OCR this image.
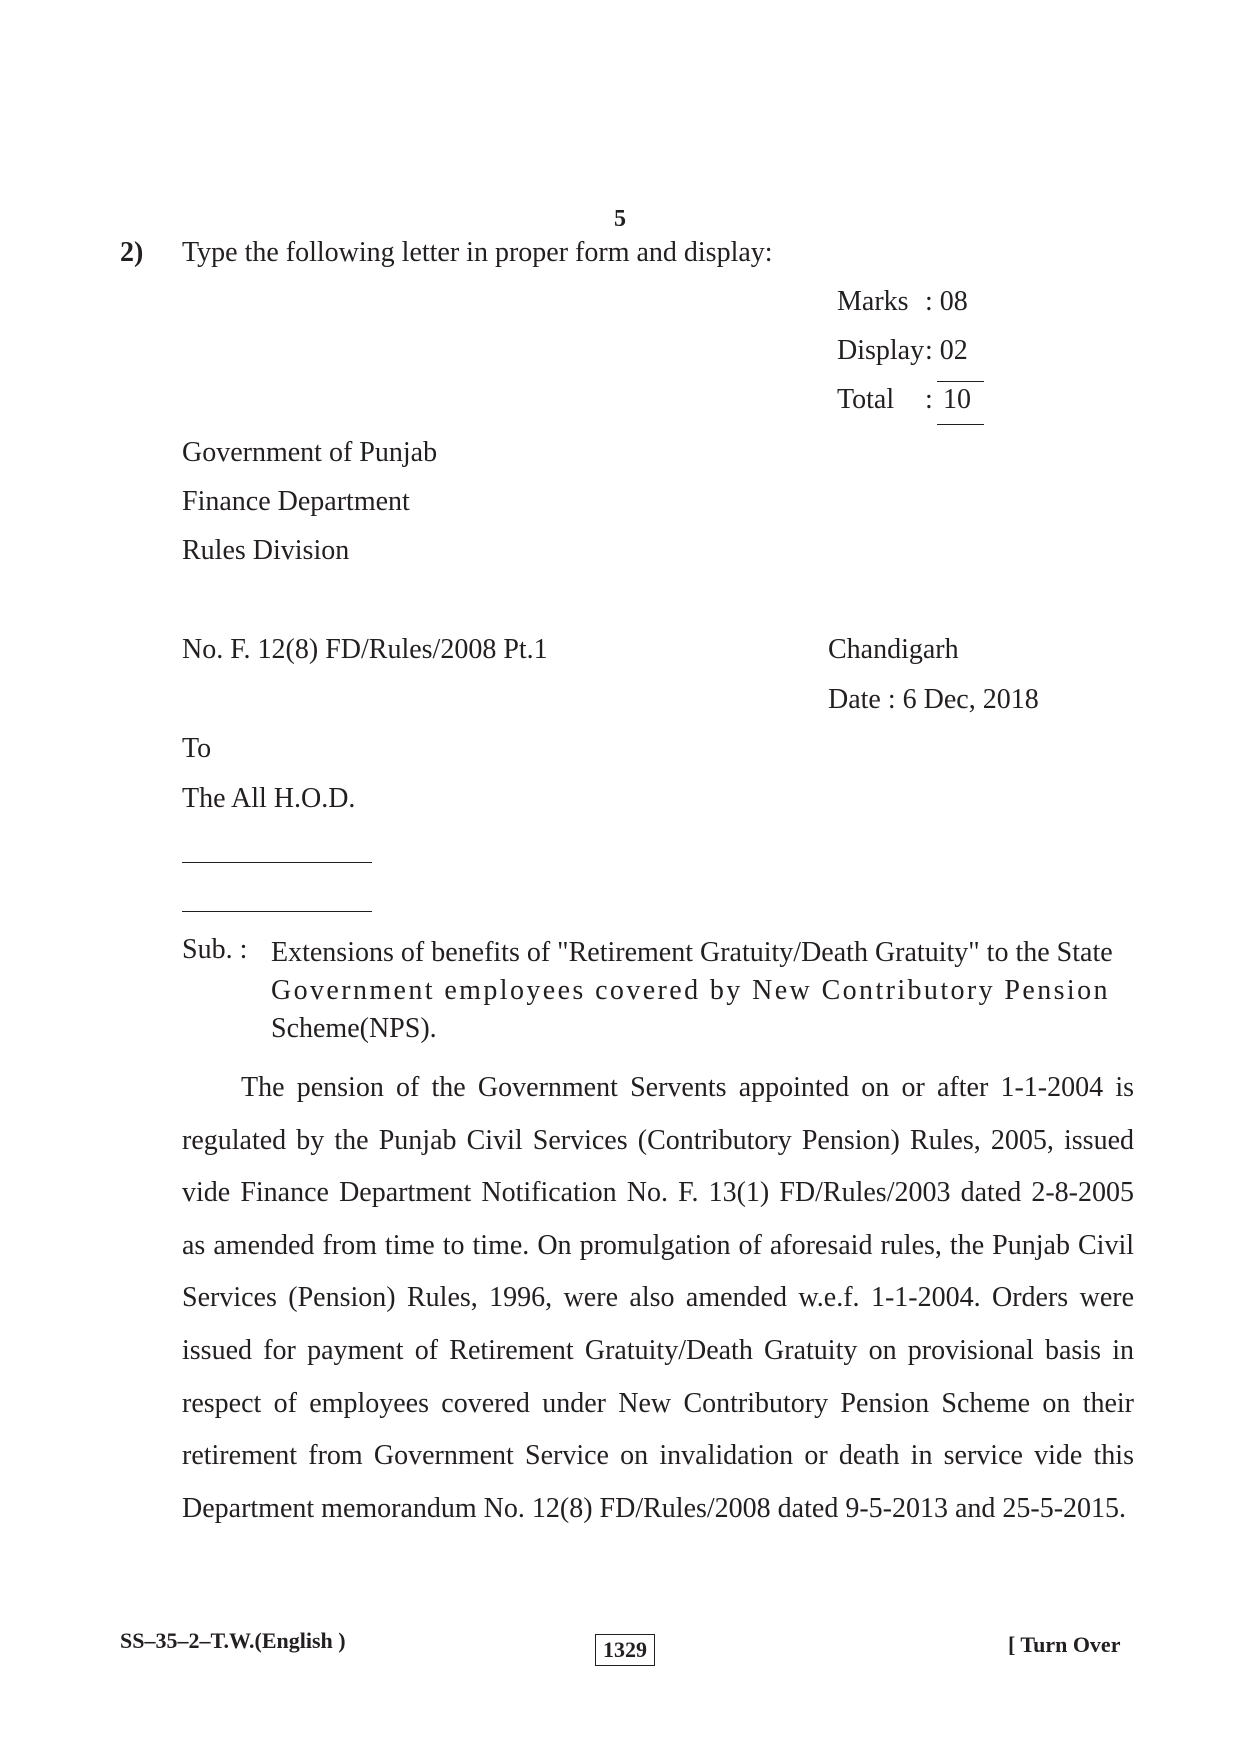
5
2) Type the following letter in proper form and display:
Marks : 08
Display : 02
Total : 10
Government of Punjab
Finance Department
Rules Division
No. F. 12(8) FD/Rules/2008 Pt.1	Chandigarh
Date : 6 Dec, 2018
To
The All H.O.D.
Sub. : Extensions of benefits of "Retirement Gratuity/Death Gratuity" to the State
Government employees covered by New Contributory Pension
Scheme(NPS).
The pension of the Government Servents appointed on or after 1-1-2004 is regulated by the Punjab Civil Services (Contributory Pension) Rules, 2005, issued vide Finance Department Notification No. F. 13(1) FD/Rules/2003 dated 2-8-2005 as amended from time to time. On promulgation of aforesaid rules, the Punjab Civil Services (Pension) Rules, 1996, were also amended w.e.f. 1-1-2004. Orders were issued for payment of Retirement Gratuity/Death Gratuity on provisional basis in respect of employees covered under New Contributory Pension Scheme on their retirement from Government Service on invalidation or death in service vide this Department memorandum No. 12(8) FD/Rules/2008 dated 9-5-2013 and 25-5-2015.
SS–35–2–T.W.(English )	1329	[ Turn Over
